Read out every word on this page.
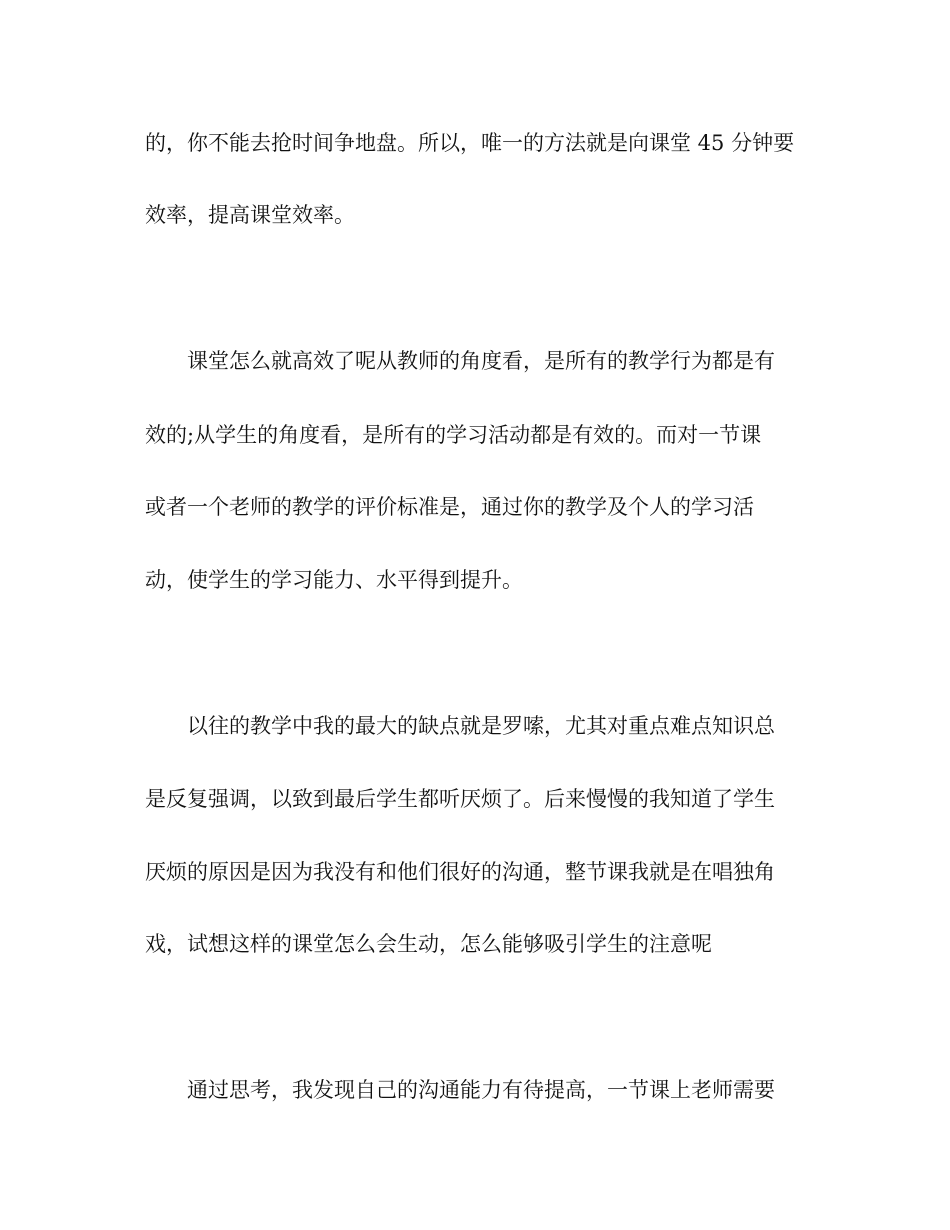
的，你不能去抢时间争地盘。所以，唯一的方法就是向课堂 45 分钟要
效率，提高课堂效率。
课堂怎么就高效了呢从教师的角度看，是所有的教学行为都是有
效的;从学生的角度看，是所有的学习活动都是有效的。而对一节课
或者一个老师的教学的评价标准是，通过你的教学及个人的学习活
动，使学生的学习能力、水平得到提升。
以往的教学中我的最大的缺点就是罗嗦，尤其对重点难点知识总
是反复强调，以致到最后学生都听厌烦了。后来慢慢的我知道了学生
厌烦的原因是因为我没有和他们很好的沟通，整节课我就是在唱独角
戏，试想这样的课堂怎么会生动，怎么能够吸引学生的注意呢
通过思考，我发现自己的沟通能力有待提高，一节课上老师需要
